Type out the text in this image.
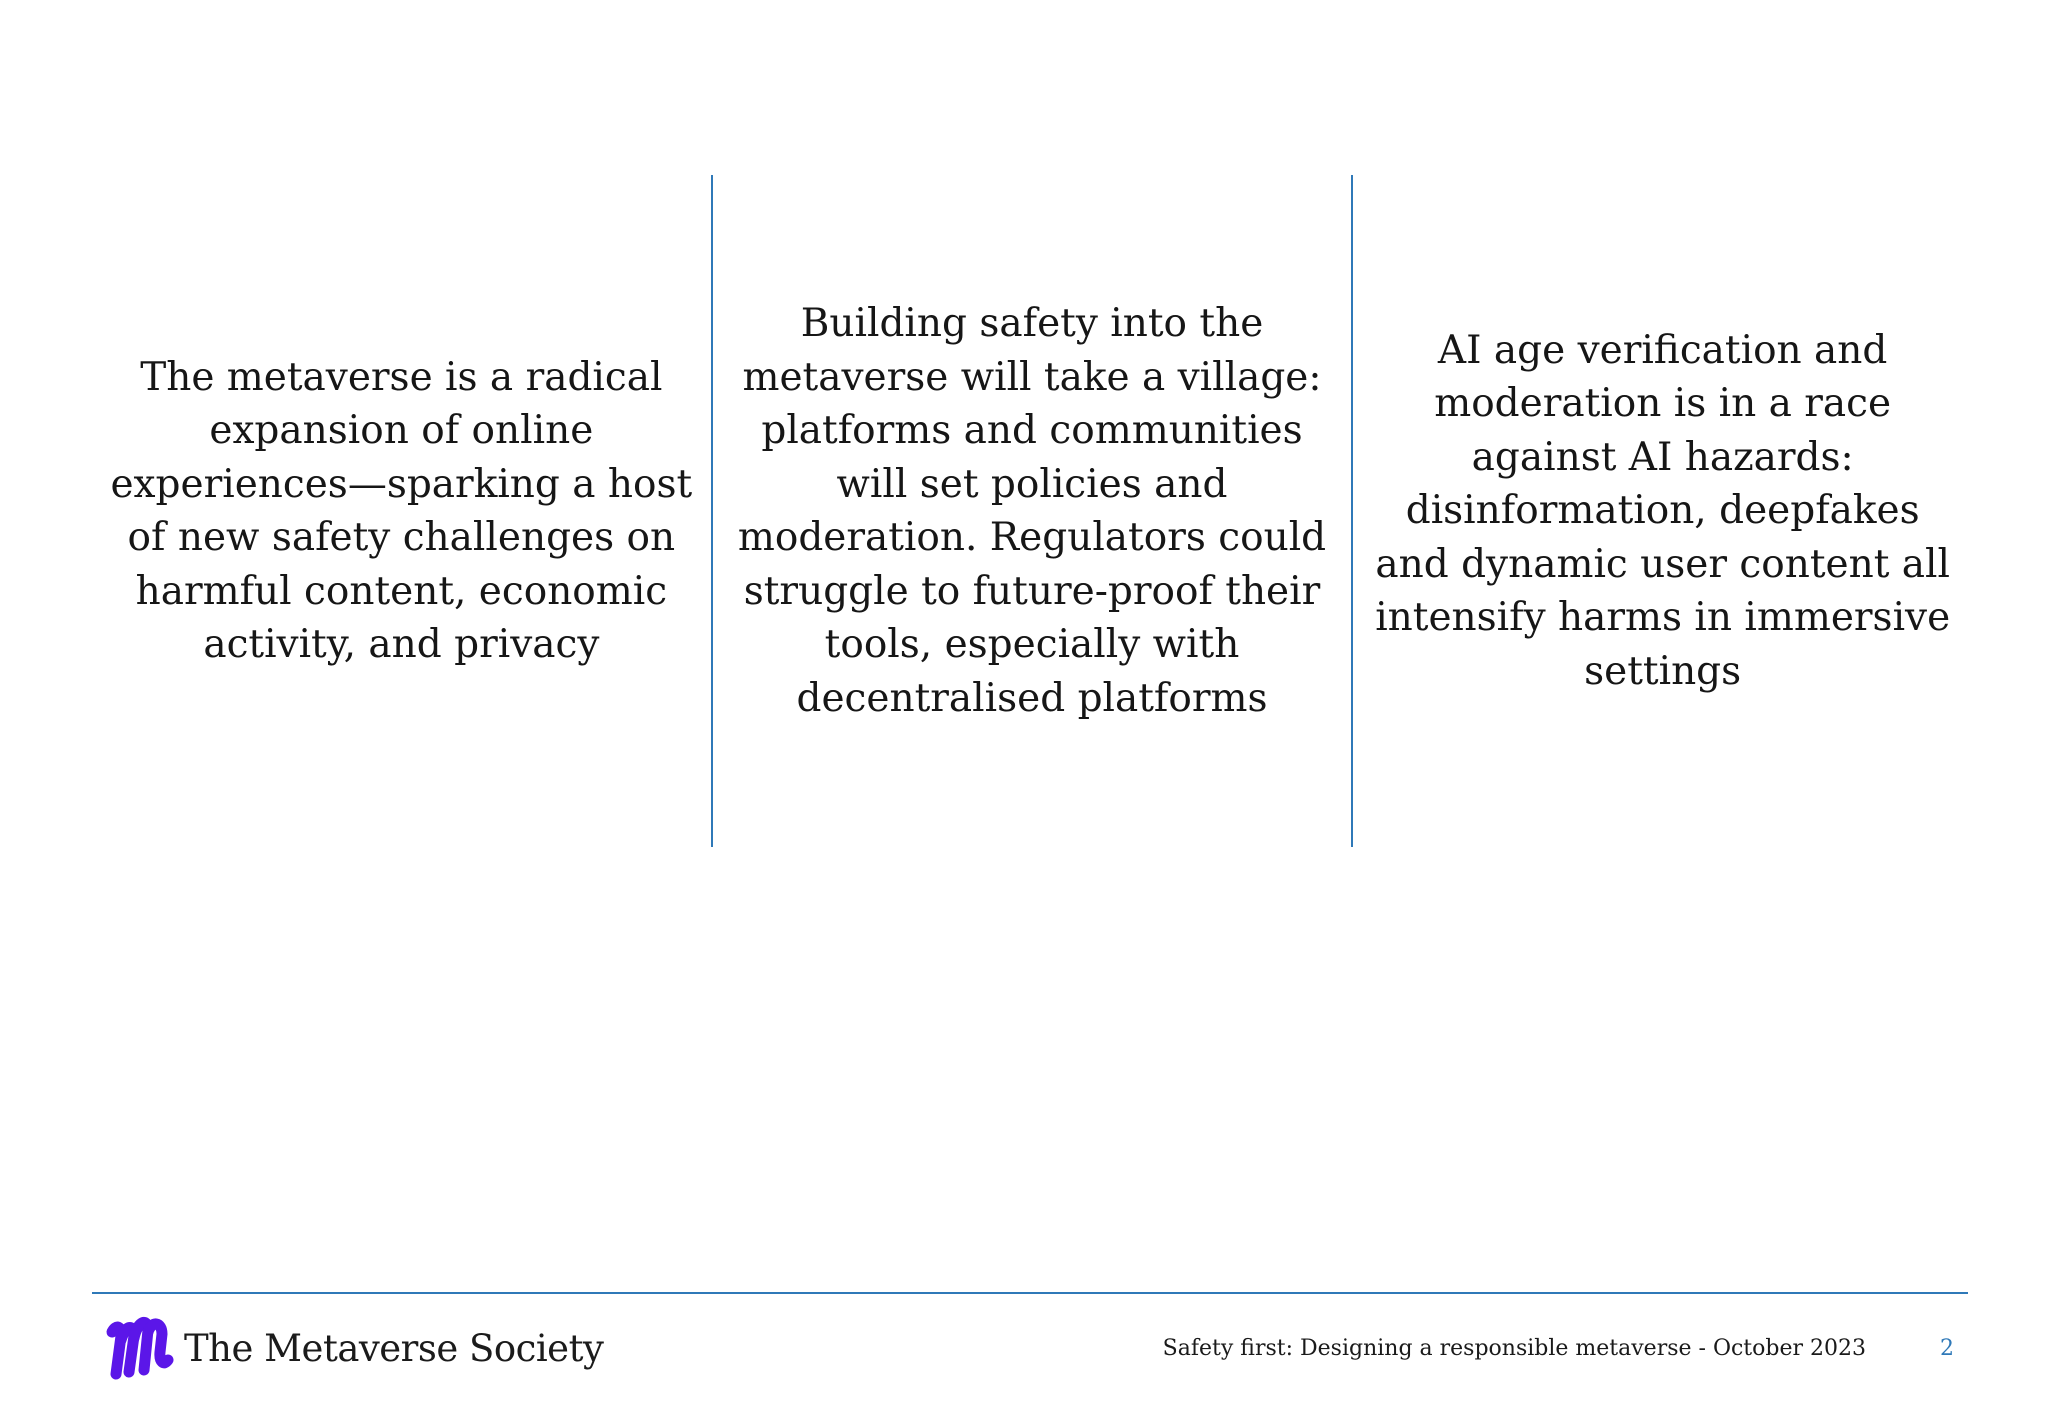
The metaverse is a radical expansion of online experiences—sparking a host of new safety challenges on harmful content, economic activity, and privacy

Building safety into the metaverse will take a village: platforms and communities will set policies and moderation. Regulators could struggle to future-proof their tools, especially with decentralised platforms

AI age verification and moderation is in a race against AI hazards: disinformation, deepfakes and dynamic user content all intensify harms in immersive settings

The Metaverse Society	Safety first: Designing a responsible metaverse - October 2023	2
